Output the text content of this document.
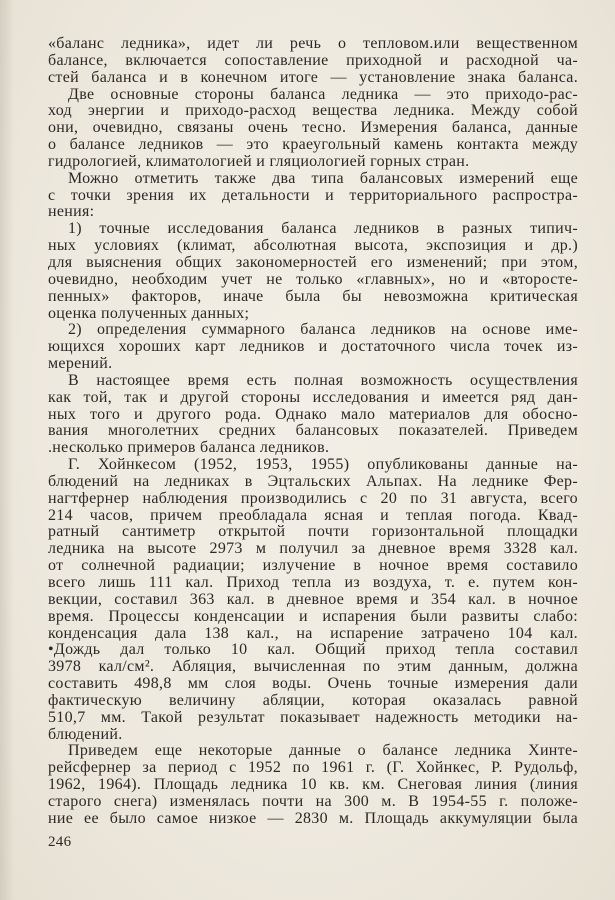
«баланс ледника», идет ли речь о тепловом.или вещественном
балансе, включается сопоставление приходной и расходной ча-
стей баланса и в конечном итоге — установление знака баланса.
Две основные стороны баланса ледника — это приходо-рас-
ход энергии и приходо-расход вещества ледника. Между собой
они, очевидно, связаны очень тесно. Измерения баланса, данные
о балансе ледников — это краеугольный камень контакта между
гидрологией, климатологией и гляциологией горных стран.
Можно отметить также два типа балансовых измерений еще
с точки зрения их детальности и территориального распростра-
нения:
1) точные исследования баланса ледников в разных типич-
ных условиях (климат, абсолютная высота, экспозиция и др.)
для выяснения общих закономерностей его изменений; при этом,
очевидно, необходим учет не только «главных», но и «второсте-
пенных» факторов, иначе была бы невозможна критическая
оценка полученных данных;
2) определения суммарного баланса ледников на основе име-
ющихся хороших карт ледников и достаточного числа точек из-
мерений.
В настоящее время есть полная возможность осуществления
как той, так и другой стороны исследования и имеется ряд дан-
ных того и другого рода. Однако мало материалов для обосно-
вания многолетних средних балансовых показателей. Приведем
.несколько примеров баланса ледников.
Г. Хойнкесом (1952, 1953, 1955) опубликованы данные на-
блюдений на ледниках в Эцтальских Альпах. На леднике Фер-
нагтфернер наблюдения производились с 20 по 31 августа, всего
214 часов, причем преобладала ясная и теплая погода. Квад-
ратный сантиметр открытой почти горизонтальной площадки
ледника на высоте 2973 м получил за дневное время 3328 кал.
от солнечной радиации; излучение в ночное время составило
всего лишь 111 кал. Приход тепла из воздуха, т. е. путем кон-
векции, составил 363 кал. в дневное время и 354 кал. в ночное
время. Процессы конденсации и испарения были развиты слабо:
конденсация дала 138 кал., на испарение затрачено 104 кал.
•Дождь дал только 10 кал. Общий приход тепла составил
3978 кал/см². Абляция, вычисленная по этим данным, должна
составить 498,8 мм слоя воды. Очень точные измерения дали
фактическую величину абляции, которая оказалась равной
510,7 мм. Такой результат показывает надежность методики на-
блюдений.
Приведем еще некоторые данные о балансе ледника Хинте-
рейсфернер за период с 1952 по 1961 г. (Г. Хойнкес, Р. Рудольф,
1962, 1964). Площадь ледника 10 кв. км. Снеговая линия (линия
старого снега) изменялась почти на 300 м. В 1954-55 г. положе-
ние ее было самое низкое — 2830 м. Площадь аккумуляции была
246
